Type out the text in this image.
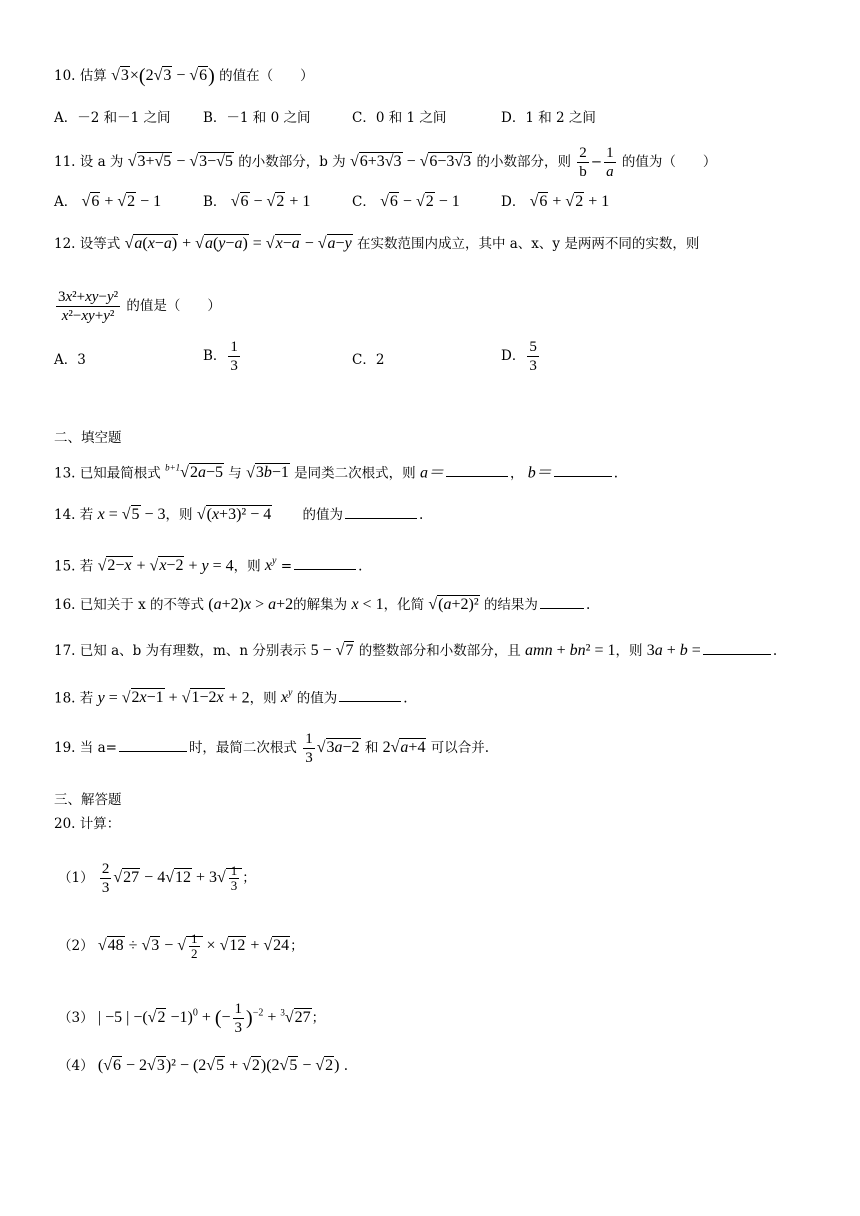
10. 估算 √3×(2√3 − √6) 的值在（　　）
A．－2 和－1 之间 B．－1 和 0 之间	C．0 和 1 之间	D．1 和 2 之间
11. 设 a 为 √3+√5 − √3−√5 的小数部分，b 为 √6+3√3 − √6−3√3 的小数部分，则 $\frac{2}{b} - \frac{1}{a}$ 的值为（　　）
A． √6 + √2 − 1	B． √6 − √2 + 1	C． √6 − √2 − 1	D． √6 + √2 + 1
12. 设等式 √a(x−a) + √a(y−a) = √x−a − √a−y 在实数范围内成立，其中 a、x、y 是两两不同的实数，则
$\frac{\text{3x²+xy−y²}}{\text{x²−xy+y²}}$ 的值是（　　）
A．3	B． $\frac{1}{3}$	C．2	D． $\frac{5}{3}$
二、填空题
13. 已知最简根式 $^{b+1}$√2a−5 与 √3b−1 是同类二次根式，则 a＝	， b＝	.
14. 若 x = √5 − 3，则 √(x+3)² − 4 的值为	.
15. 若 √2−x + √x−2 + y = 4，则 $x^y$ =	.
16. 已知关于 x 的不等式 (a+2)x > a+2的解集为 x < 1，化简 √(a+2)² 的结果为	.
17. 已知 a、b 为有理数，m、n 分别表示 5 − √7 的整数部分和小数部分，且 amn + bn² = 1，则 3a + b =	.
18. 若 y = √2x−1 + √1−2x + 2，则 $x^y$ 的值为	.
19. 当 a=	时，最简二次根式 $\frac{1}{3} √3a-2$ 和 2√a+4 可以合并.
三、解答题
20. 计算：
$(1) \frac{2}{3} √27 - 4√12 + 3√ \frac{1}{3}$ ；
（2） √48 ÷ √3 − √ $\frac{1}{2} \times √12 + √24$；
（3） | −5 | $-(√2 -1)^0$ + (− $\frac{1}{3} )^{-2} + ^3√27$；
（4） (√6 − 2√3)² − (2√5 + √2)(2√5 − √2) .
